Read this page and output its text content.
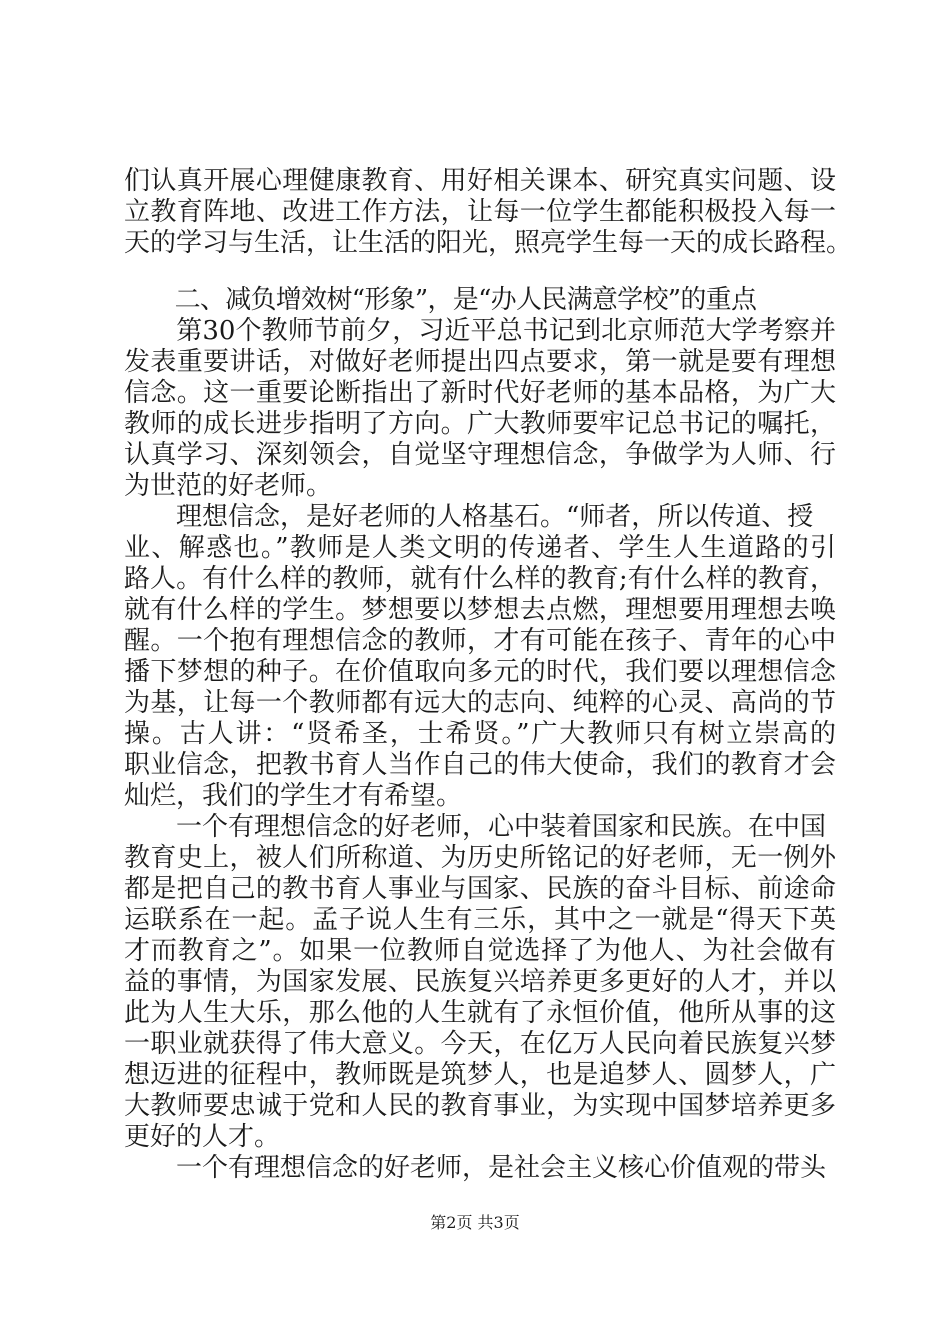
们认真开展心理健康教育、用好相关课本、研究真实问题、设
立教育阵地、改进工作方法，让每一位学生都能积极投入每一
天的学习与生活，让生活的阳光，照亮学生每一天的成长路程。
　　二、减负增效树“形象”，是“办人民满意学校”的重点
　　第30个教师节前夕，习近平总书记到北京师范大学考察并
发表重要讲话，对做好老师提出四点要求，第一就是要有理想
信念。这一重要论断指出了新时代好老师的基本品格，为广大
教师的成长进步指明了方向。广大教师要牢记总书记的嘱托，
认真学习、深刻领会，自觉坚守理想信念，争做学为人师、行
为世范的好老师。
　　理想信念，是好老师的人格基石。“师者，所以传道、授
业、解惑也。”教师是人类文明的传递者、学生人生道路的引
路人。有什么样的教师，就有什么样的教育;有什么样的教育，
就有什么样的学生。梦想要以梦想去点燃，理想要用理想去唤
醒。一个抱有理想信念的教师，才有可能在孩子、青年的心中
播下梦想的种子。在价值取向多元的时代，我们要以理想信念
为基，让每一个教师都有远大的志向、纯粹的心灵、高尚的节
操。古人讲：“贤希圣，士希贤。”广大教师只有树立崇高的
职业信念，把教书育人当作自己的伟大使命，我们的教育才会
灿烂，我们的学生才有希望。
　　一个有理想信念的好老师，心中装着国家和民族。在中国
教育史上，被人们所称道、为历史所铭记的好老师，无一例外
都是把自己的教书育人事业与国家、民族的奋斗目标、前途命
运联系在一起。孟子说人生有三乐，其中之一就是“得天下英
才而教育之”。如果一位教师自觉选择了为他人、为社会做有
益的事情，为国家发展、民族复兴培养更多更好的人才，并以
此为人生大乐，那么他的人生就有了永恒价值，他所从事的这
一职业就获得了伟大意义。今天，在亿万人民向着民族复兴梦
想迈进的征程中，教师既是筑梦人，也是追梦人、圆梦人，广
大教师要忠诚于党和人民的教育事业，为实现中国梦培养更多
更好的人才。
　　一个有理想信念的好老师，是社会主义核心价值观的带头
第2页 共3页
